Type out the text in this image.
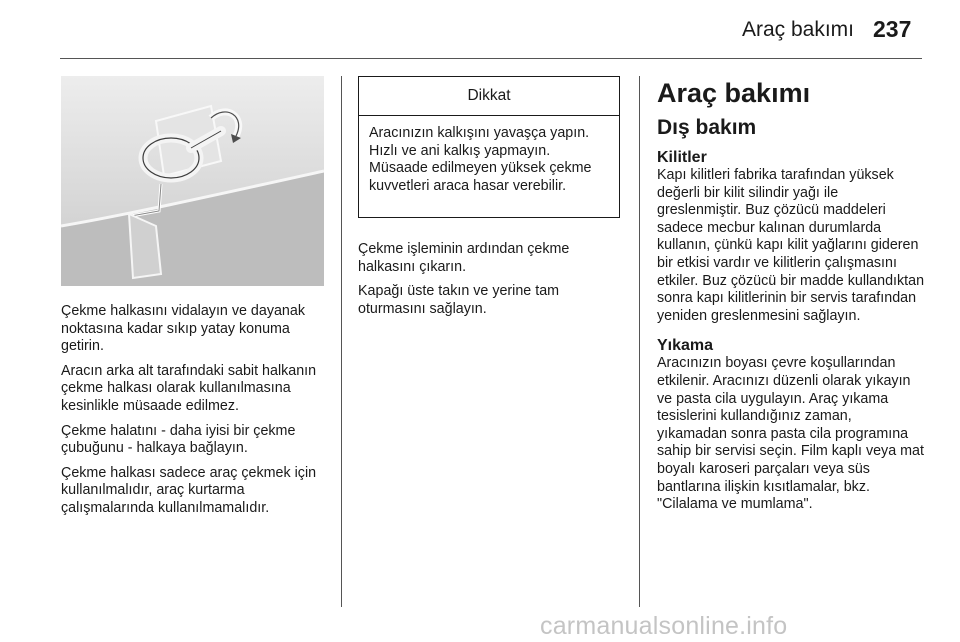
Araç bakımı 237

Çekme halkasını vidalayın ve dayanak noktasına kadar sıkıp yatay konuma getirin.

Aracın arka alt tarafındaki sabit halkanın çekme halkası olarak kullanılmasına kesinlikle müsaade edilmez.

Çekme halatını - daha iyisi bir çekme çubuğunu - halkaya bağlayın.

Çekme halkası sadece araç çekmek için kullanılmalıdır, araç kurtarma çalışmalarında kullanılmamalıdır.

Dikkat
Aracınızın kalkışını yavaşça yapın. Hızlı ve ani kalkış yapmayın. Müsaade edilmeyen yüksek çekme kuvvetleri araca hasar verebilir.

Çekme işleminin ardından çekme halkasını çıkarın.

Kapağı üste takın ve yerine tam oturmasını sağlayın.

Araç bakımı
Dış bakım
Kilitler

Kapı kilitleri fabrika tarafından yüksek değerli bir kilit silindir yağı ile greslenmiştir. Buz çözücü maddeleri sadece mecbur kalınan durumlarda kullanın, çünkü kapı kilit yağlarını gideren bir etkisi vardır ve kilitlerin çalışmasını etkiler. Buz çözücü bir madde kullandıktan sonra kapı kilitlerinin bir servis tarafından yeniden greslenmesini sağlayın.

Yıkama

Aracınızın boyası çevre koşullarından etkilenir. Aracınızı düzenli olarak yıkayın ve pasta cila uygulayın. Araç yıkama tesislerini kullandığınız zaman, yıkamadan sonra pasta cila programına sahip bir servisi seçin. Film kaplı veya mat boyalı karoseri parçaları veya süs bantlarına ilişkin kısıtlamalar, bkz. "Cilalama ve mumlama".

carmanualsonline.info
